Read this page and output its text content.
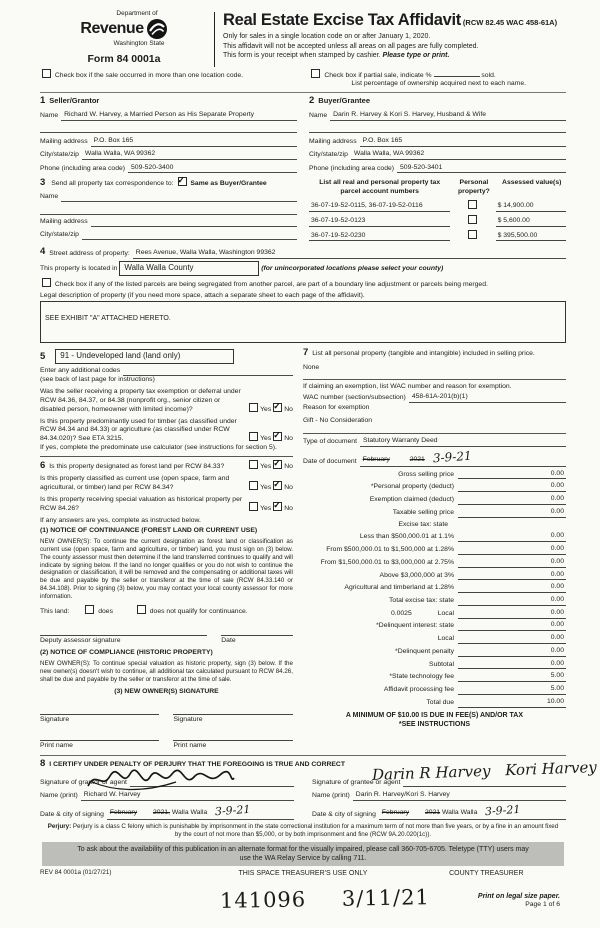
Department of
Revenue
Washington State
Form 84 0001a
Real Estate Excise Tax Affidavit (RCW 82.45 WAC 458-61A)
Only for sales in a single location code on or after January 1, 2020.
This affidavit will not be accepted unless all areas on all pages are fully completed.
This form is your receipt when stamped by cashier. Please type or print.
Check box if the sale occurred in more than one location code.	Check box if partial sale, indicate %	sold.
List percentage of ownership acquired next to each name.
1 Seller/Grantor
Name Richard W. Harvey, a Married Person as His Separate Property
Mailing address P.O. Box 165
City/state/zip Walla Walla, WA 99362
Phone (including area code) 509-520-3400
2 Buyer/Grantee
Name Darin R. Harvey & Kori S. Harvey, Husband & Wife
Mailing address P.O. Box 165
City/state/zip Walla Walla, WA 99362
Phone (including area code) 509-520-3401
3 Send all property tax correspondence to: ✓ Same as Buyer/Grantee
Name
Mailing address
City/state/zip
List all real and personal property tax parcel account numbers
Personal property?
Assessed value(s)
36-07-19-52-0115, 36-07-19-52-0116	$ 14,900.00
36-07-19-52-0123	$ 5,600.00
36-07-19-52-0230	$ 395,500.00
4 Street address of property: Rees Avenue, Walla Walla, Washington 99362
This property is located in Walla Walla County	(for unincorporated locations please select your county)
Check box if any of the listed parcels are being segregated from another parcel, are part of a boundary line adjustment or parcels being merged.
Legal description of property (if you need more space, attach a separate sheet to each page of the affidavit).
SEE EXHIBIT "A" ATTACHED HERETO.
5	91 - Undeveloped land (land only)
Enter any additional codes
(see back of last page for instructions)
Was the seller receiving a property tax exemption or deferral under RCW 84.36, 84.37, or 84.38 (nonprofit org., senior citizen or disabled person, homeowner with limited income)?	Yes ✓ No
Is this property predominantly used for timber (as classified under RCW 84.34 and 84.33) or agriculture (as classified under RCW 84.34.020)? See ETA 3215.	Yes ✓ No
If yes, complete the predominate use calculator (see instructions for section 5).
6 Is this property designated as forest land per RCW 84.33?	Yes ✓ No
Is this property classified as current use (open space, farm and agricultural, or timber) land per RCW 84.34?	Yes ✓ No
Is this property receiving special valuation as historical property per RCW 84.26?	Yes ✓ No
If any answers are yes, complete as instructed below.
(1) NOTICE OF CONTINUANCE (FOREST LAND OR CURRENT USE)
NEW OWNER(S): To continue the current designation as forest land or classification as current use (open space, farm and agriculture, or timber) land, you must sign on (3) below. The county assessor must then determine if the land transferred continues to qualify and will indicate by signing below. If the land no longer qualifies or you do not wish to continue the designation or classification, it will be removed and the compensating or additional taxes will be due and payable by the seller or transferor at the time of sale (RCW 84.33.140 or 84.34.108). Prior to signing (3) below, you may contact your local county assessor for more information.
This land:	does	does not qualify for continuance.
Deputy assessor signature	Date
(2) NOTICE OF COMPLIANCE (HISTORIC PROPERTY)
NEW OWNER(S): To continue special valuation as historic property, sign (3) below. If the new owner(s) doesn't wish to continue, all additional tax calculated pursuant to RCW 84.26, shall be due and payable by the seller or transferor at the time of sale.
(3) NEW OWNER(S) SIGNATURE
Signature	Signature
Print name	Print name
7 List all personal property (tangible and intangible) included in selling price.
None
If claiming an exemption, list WAC number and reason for exemption.
WAC number (section/subsection) 458-61A-201(b)(1)
Reason for exemption
Gift - No Consideration
Type of document Statutory Warranty Deed
Date of document February	2021 3-9-21
Gross selling price	0.00
*Personal property (deduct)	0.00
Exemption claimed (deduct)	0.00
Taxable selling price	0.00
Excise tax: state
Less than $500,000.01 at 1.1%	0.00
From $500,000.01 to $1,500,000 at 1.28%	0.00
From $1,500,000.01 to $3,000,000 at 2.75%	0.00
Above $3,000,000 at 3%	0.00
Agricultural and timberland at 1.28%	0.00
Total excise tax: state	0.00
0.0025	Local	0.00
*Delinquent interest: state	0.00
Local	0.00
*Delinquent penalty	0.00
Subtotal	0.00
*State technology fee	5.00
Affidavit processing fee	5.00
Total due	10.00
A MINIMUM OF $10.00 IS DUE IN FEE(S) AND/OR TAX
*SEE INSTRUCTIONS
8 I CERTIFY UNDER PENALTY OF PERJURY THAT THE FOREGOING IS TRUE AND CORRECT
Signature of grantor or agent
Name (print) Richard W. Harvey
Date & city of signing February 2021, Walla Walla 3-9-21
Signature of grantee or agent
Darin R Harvey Kori Harvey
Name (print) Darin R. Harvey/Kori S. Harvey
Date & city of signing February 2021 Walla Walla 3-9-21
Perjury: Perjury is a class C felony which is punishable by imprisonment in the state correctional institution for a maximum term of not more than five years, or by a fine in an amount fixed by the court of not more than $5,000, or by both imprisonment and fine (RCW 9A.20.020(1c)).
To ask about the availability of this publication in an alternate format for the visually impaired, please call 360-705-6705. Teletype (TTY) users may use the WA Relay Service by calling 711.
REV 84 0001a (01/27/21)	THIS SPACE TREASURER'S USE ONLY	COUNTY TREASURER
141096 3/11/21	Print on legal size paper.
Page 1 of 6
